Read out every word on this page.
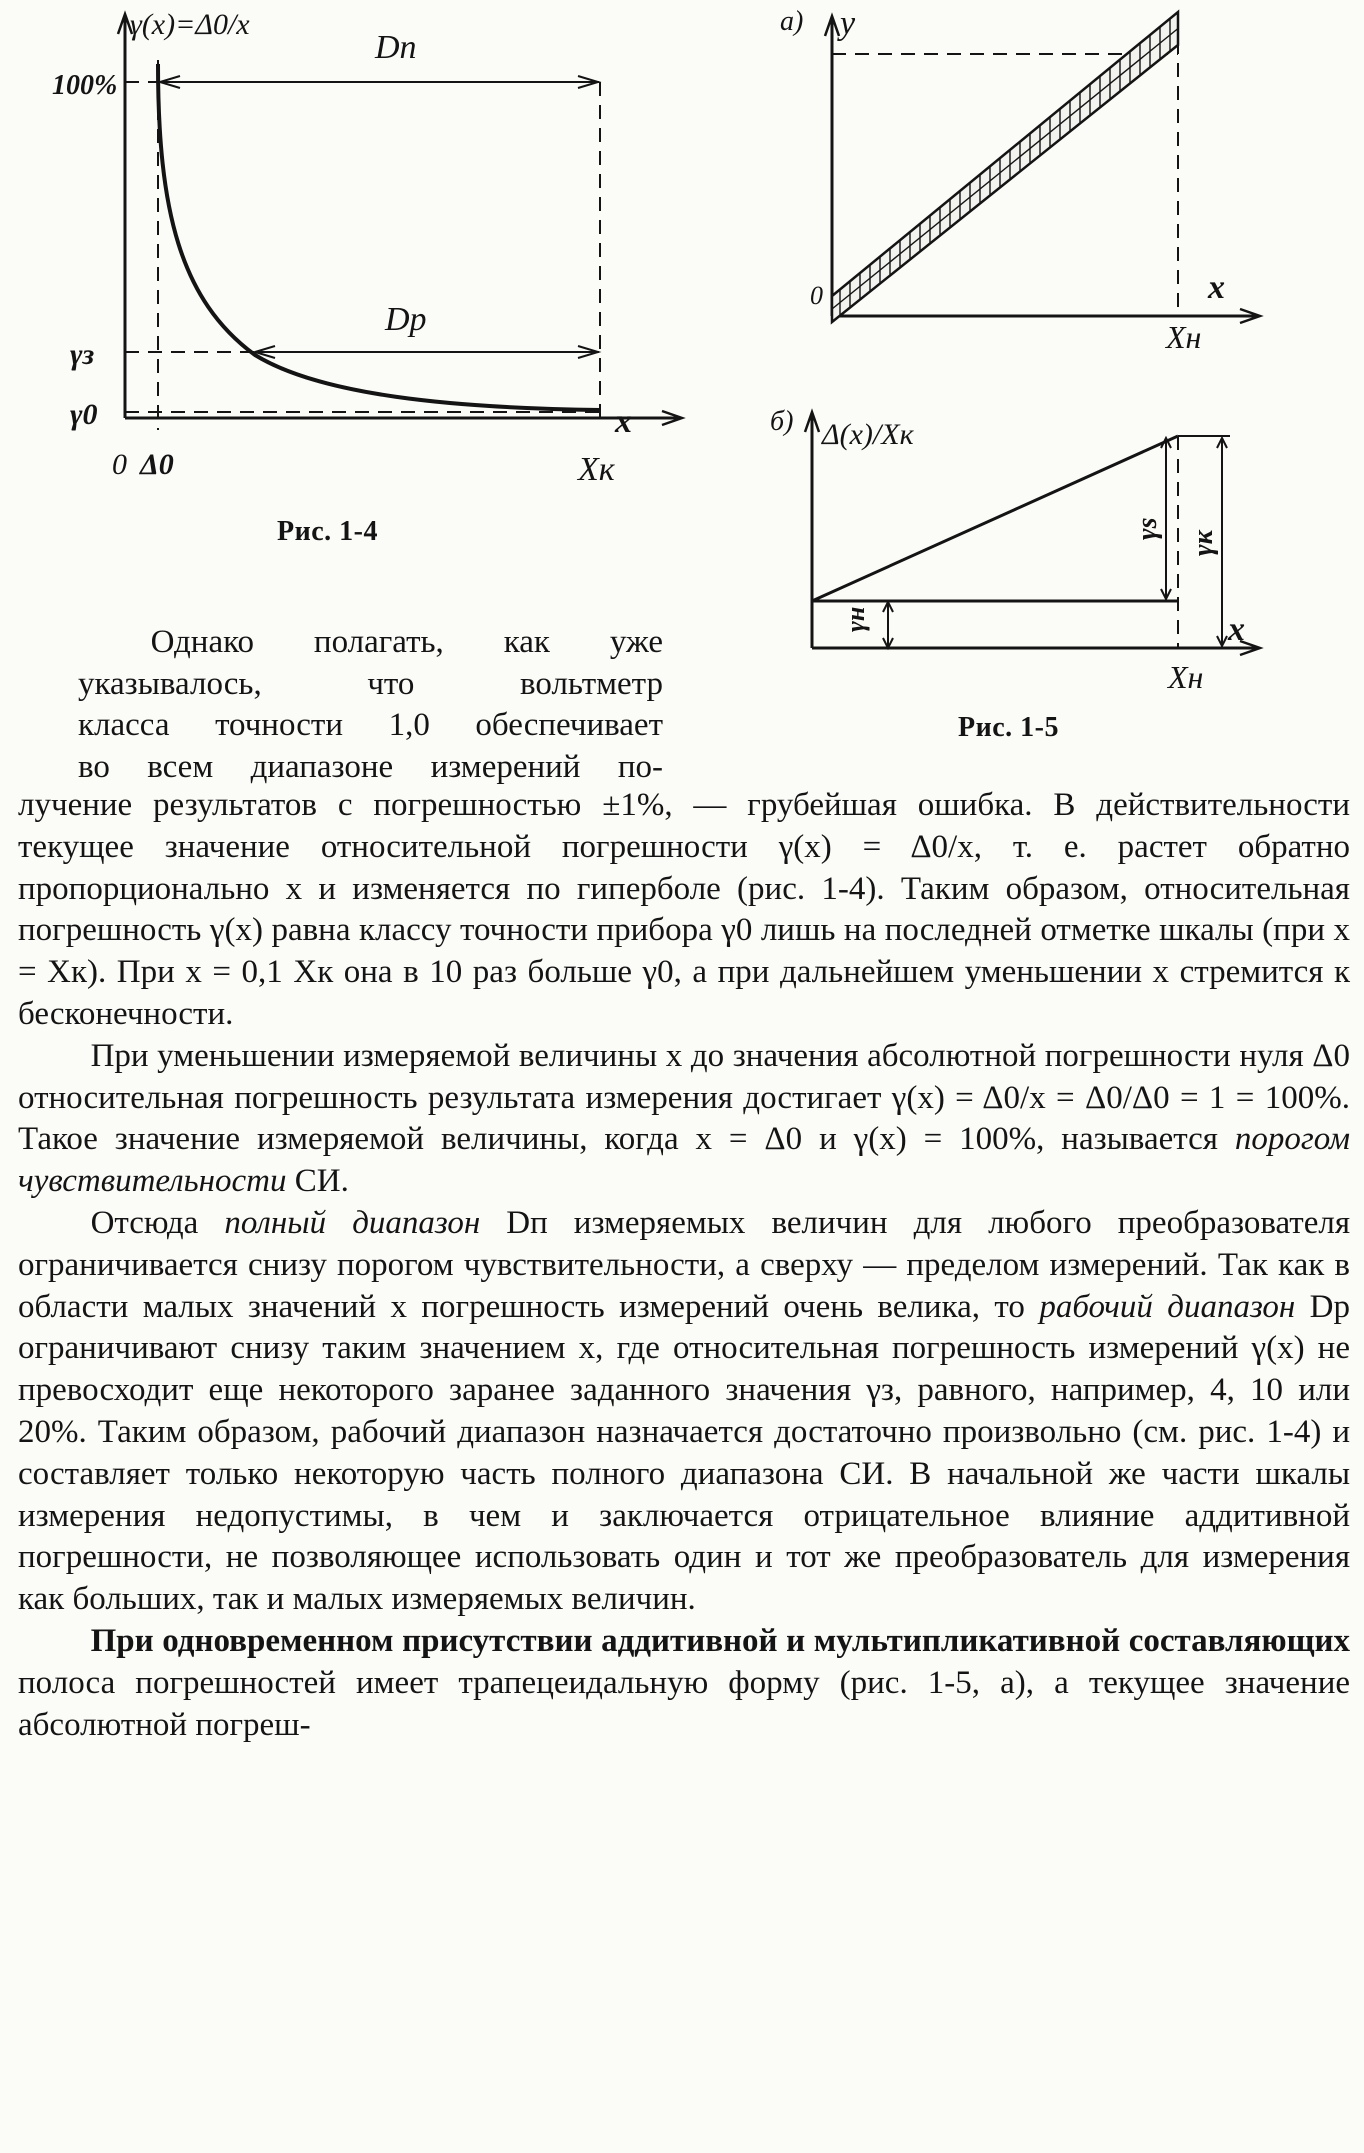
γ(x)=Δ0/x
100%
γз
γ0
0 Δ0
x
Xк
Dп
Dр
Рис. 1-4
а) y
0	x
Xн
б) Δ(x)/Xк
x
Xн
γн
γs
γк
Рис. 1-5
Однако полагать, как уже
указывалось, что вольтметр
класса точности 1,0 обеспечивает
во всем диапазоне измерений по-

лучение результатов с погрешностью ±1%, — грубейшая ошибка. В действительности текущее значение относительной погрешности γ(x) = Δ0/x, т. е. растет обратно пропорционально x и изменяется по гиперболе (рис. 1-4). Таким образом, относительная погрешность γ(x) равна классу точности прибора γ0 лишь на последней отметке шкалы (при x = Xк). При x = 0,1 Xк она в 10 раз больше γ0, а при дальнейшем уменьшении x стремится к бесконечности.

При уменьшении измеряемой величины x до значения абсолютной погрешности нуля Δ0 относительная погрешность результата измерения достигает γ(x) = Δ0/x = Δ0/Δ0 = 1 = 100%. Такое значение измеряемой величины, когда x = Δ0 и γ(x) = 100%, называется порогом чувствительности СИ.

Отсюда полный диапазон Dп измеряемых величин для любого преобразователя ограничивается снизу порогом чувствительности, а сверху — пределом измерений. Так как в области малых значений x погрешность измерений очень велика, то рабочий диапазон Dр ограничивают снизу таким значением x, где относительная погрешность измерений γ(x) не превосходит еще некоторого заранее заданного значения γз, равного, например, 4, 10 или 20%. Таким образом, рабочий диапазон назначается достаточно произвольно (см. рис. 1-4) и составляет только некоторую часть полного диапазона СИ. В начальной же части шкалы измерения недопустимы, в чем и заключается отрицательное влияние аддитивной погрешности, не позволяющее использовать один и тот же преобразователь для измерения как больших, так и малых измеряемых величин.

При одновременном присутствии аддитивной и мультипликативной составляющих полоса погрешностей имеет трапецеидальную форму (рис. 1-5, а), а текущее значение абсолютной погреш-
